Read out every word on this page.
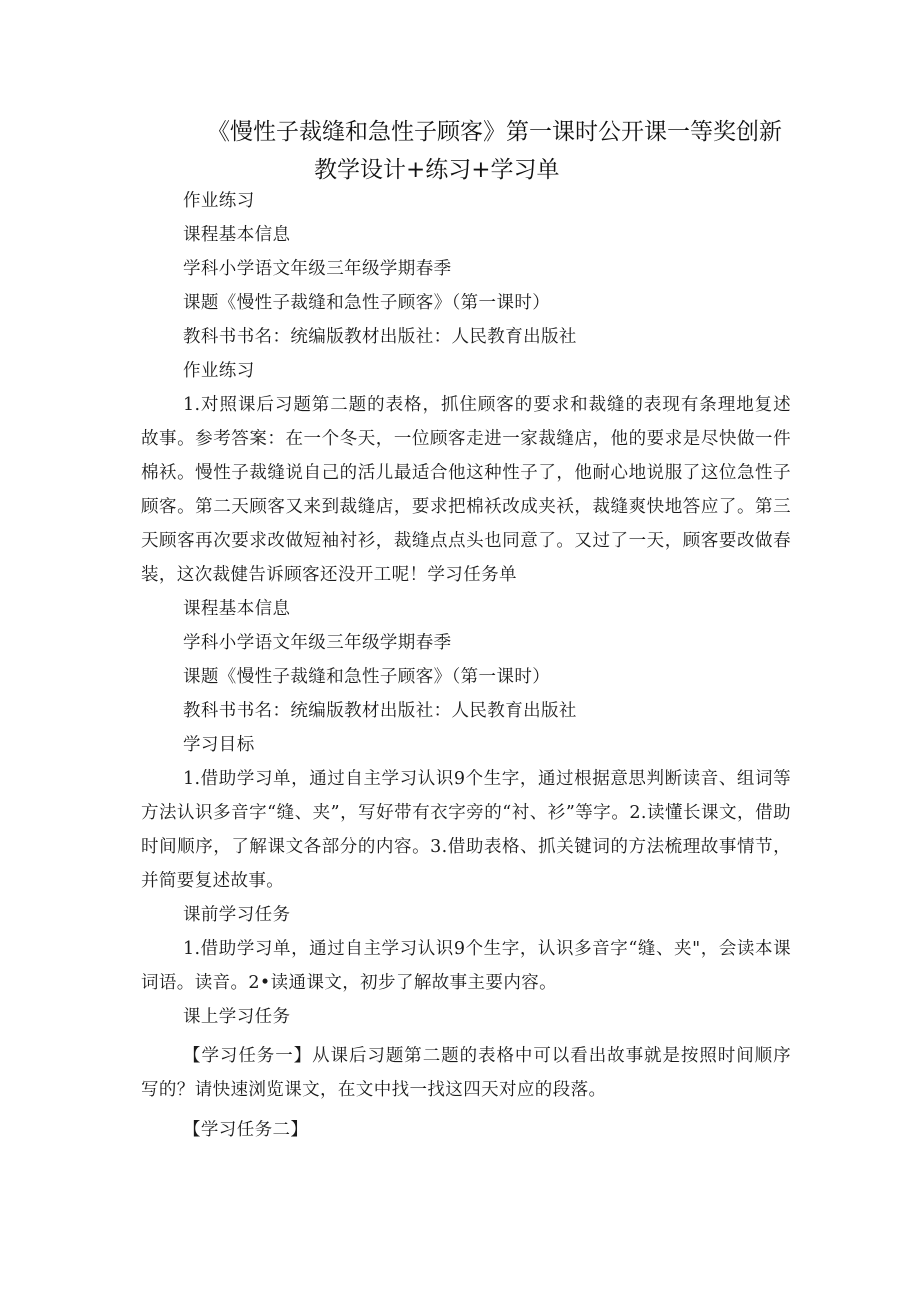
《慢性子裁缝和急性子顾客》第一课时公开课一等奖创新
教学设计+练习+学习单

作业练习

课程基本信息

学科小学语文年级三年级学期春季

课题《慢性子裁缝和急性子顾客》（第一课时）

教科书书名：统编版教材出版社：人民教育出版社

作业练习

1.对照课后习题第二题的表格，抓住顾客的要求和裁缝的表现有条理地复述故事。参考答案：在一个冬天，一位顾客走进一家裁缝店，他的要求是尽快做一件棉袄。慢性子裁缝说自己的活儿最适合他这种性子了，他耐心地说服了这位急性子顾客。第二天顾客又来到裁缝店，要求把棉袄改成夹袄，裁缝爽快地答应了。第三天顾客再次要求改做短袖衬衫，裁缝点点头也同意了。又过了一天，顾客要改做春装，这次裁健告诉顾客还没开工呢！学习任务单

课程基本信息

学科小学语文年级三年级学期春季

课题《慢性子裁缝和急性子顾客》（第一课时）

教科书书名：统编版教材出版社：人民教育出版社

学习目标

1.借助学习单，通过自主学习认识9个生字，通过根据意思判断读音、组词等方法认识多音字“缝、夹”，写好带有衣字旁的“衬、衫”等字。2.读懂长课文，借助时间顺序，了解课文各部分的内容。3.借助表格、抓关键词的方法梳理故事情节，并简要复述故事。

课前学习任务

1.借助学习单，通过自主学习认识9个生字，认识多音字“缝、夹"，会读本课词语。读音。2•读通课文，初步了解故事主要内容。

课上学习任务

【学习任务一】从课后习题第二题的表格中可以看出故事就是按照时间顺序写的？请快速浏览课文，在文中找一找这四天对应的段落。

【学习任务二】
